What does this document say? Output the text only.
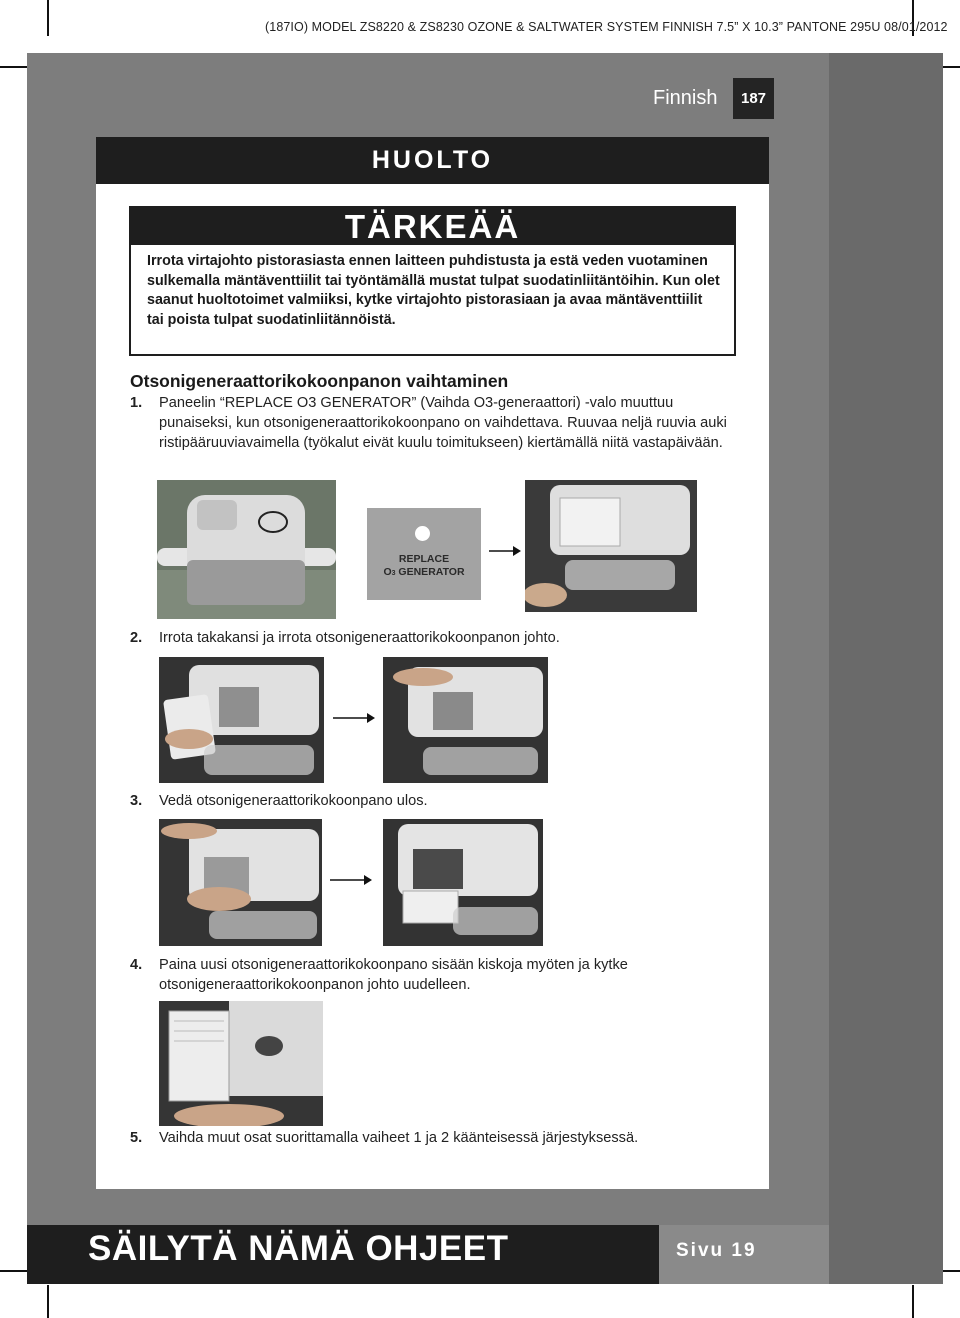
(187IO) MODEL ZS8220 & ZS8230 OZONE & SALTWATER SYSTEM FINNISH 7.5” X 10.3” PANTONE 295U 08/01/2012
Finnish	187
HUOLTO
TÄRKEÄÄ
Irrota virtajohto pistorasiasta ennen laitteen puhdistusta ja estä veden vuotaminen sulkemalla mäntäventtiilit tai työntämällä mustat tulpat suodatinliitäntöihin. Kun olet saanut huoltotoimet valmiiksi, kytke virtajohto pistorasiaan ja avaa mäntäventtiilit tai poista tulpat suodatinliitännöistä.
Otsonigeneraattorikokoonpanon vaihtaminen
1. Paneelin “REPLACE O3 GENERATOR” (Vaihda O3-generaattori) -valo muuttuu punaiseksi, kun otsonigeneraattorikokoonpano on vaihdettava. Ruuvaa neljä ruuvia auki ristipääruuviavaimella (työkalut eivät kuulu toimitukseen) kiertämällä niitä vastapäivään.
REPLACE
O3 GENERATOR
2. Irrota takakansi ja irrota otsonigeneraattorikokoonpanon johto.
3. Vedä otsonigeneraattorikokoonpano ulos.
4. Paina uusi otsonigeneraattorikokoonpano sisään kiskoja myöten ja kytke otsonigeneraattorikokoonpanon johto uudelleen.
5. Vaihda muut osat suorittamalla vaiheet 1 ja 2 käänteisessä järjestyksessä.
SÄILYTÄ NÄMÄ OHJEET	Sivu 19
